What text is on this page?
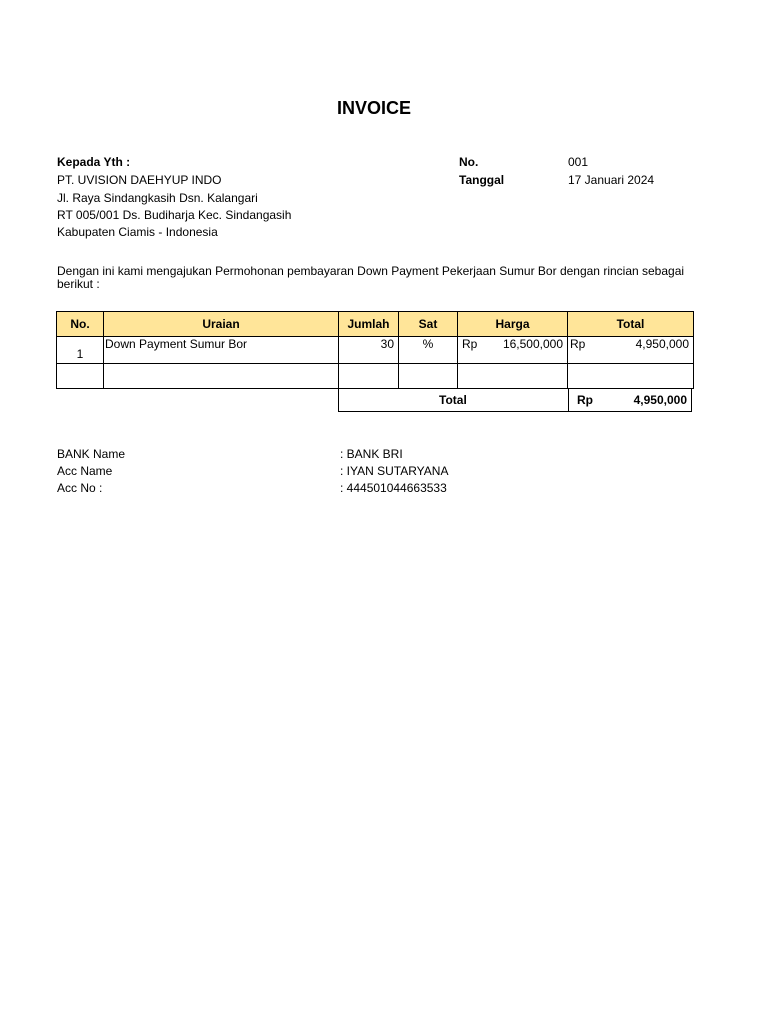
INVOICE
Kepada Yth :
PT. UVISION DAEHYUP INDO
Jl. Raya Sindangkasih Dsn. Kalangari
RT 005/001 Ds. Budiharja Kec. Sindangasih
Kabupaten Ciamis - Indonesia
No.	001
Tanggal	17 Januari 2024
Dengan ini kami mengajukan Permohonan pembayaran Down Payment Pekerjaan Sumur Bor dengan rincian sebagai berikut :
No.	Uraian	Jumlah	Sat	Harga	Total
1	Down Payment Sumur Bor	30	%	Rp 16,500,000	Rp 4,950,000

Total	Rp	4,950,000
BANK Name	: BANK BRI
Acc Name	: IYAN SUTARYANA
Acc No :	: 444501044663533
